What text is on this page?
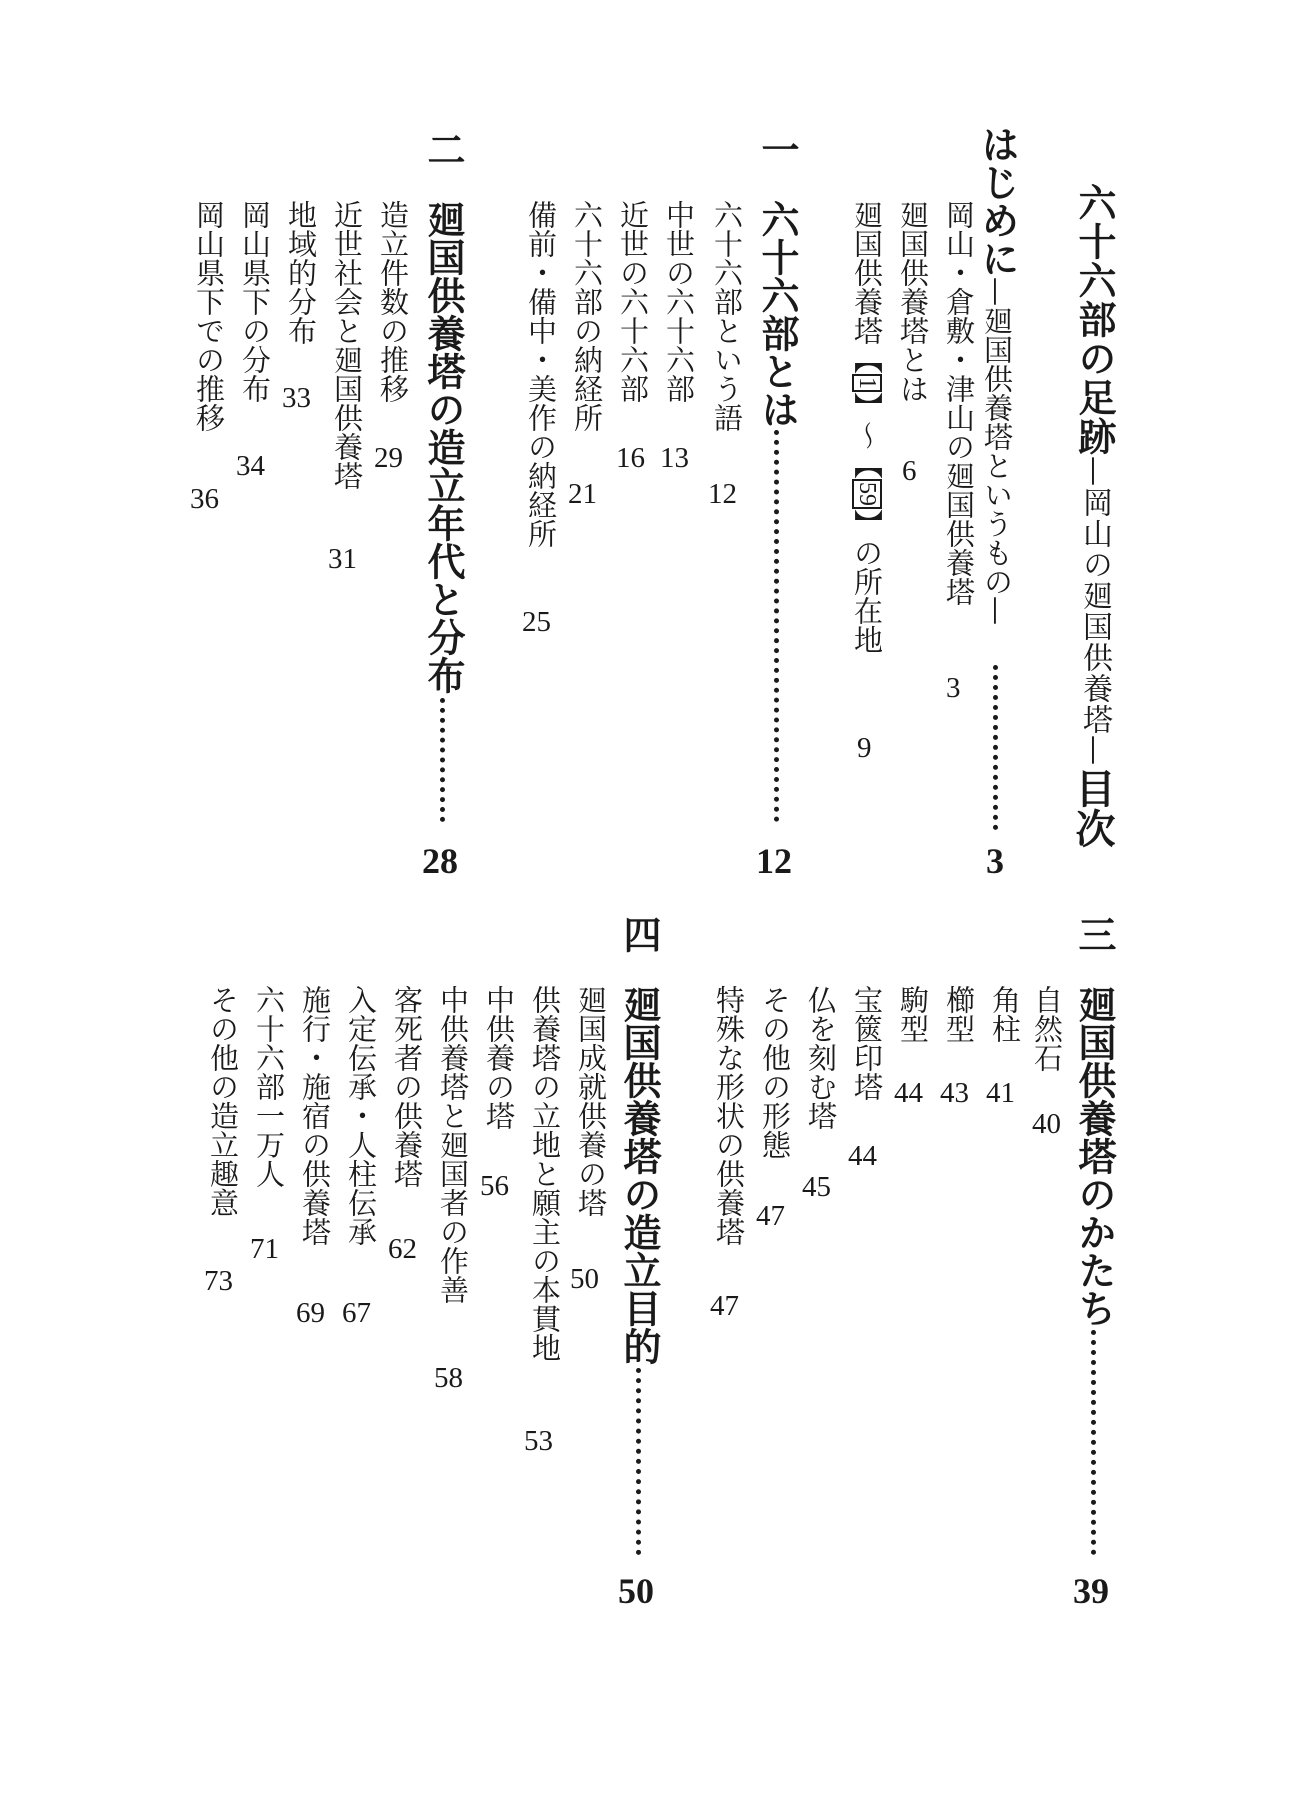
六十六部の足跡—岡山の廻国供養塔—
目次
はじめに—廻国供養塔というもの—
3
岡山・倉敷・津山の廻国供養塔
3
廻国供養塔とは
6
廻国供養塔【1】～【59】の所在地
9
一
六十六部とは
12
六十六部という語
12
中世の六十六部
13
近世の六十六部
16
六十六部の納経所
21
備前・備中・美作の納経所
25
二
廻国供養塔の造立年代と分布
28
造立件数の推移
29
近世社会と廻国供養塔
31
地域的分布
33
岡山県下の分布
34
岡山県下での推移
36
三
廻国供養塔のかたち
39
自然石
40
角柱
41
櫛型
43
駒型
44
宝篋印塔
44
仏を刻む塔
45
その他の形態
47
特殊な形状の供養塔
47
四
廻国供養塔の造立目的
50
廻国成就供養の塔
50
供養塔の立地と願主の本貫地
53
中供養の塔
56
中供養塔と廻国者の作善
58
客死者の供養塔
62
入定伝承・人柱伝承
67
施行・施宿の供養塔
69
六十六部一万人
71
その他の造立趣意
73
